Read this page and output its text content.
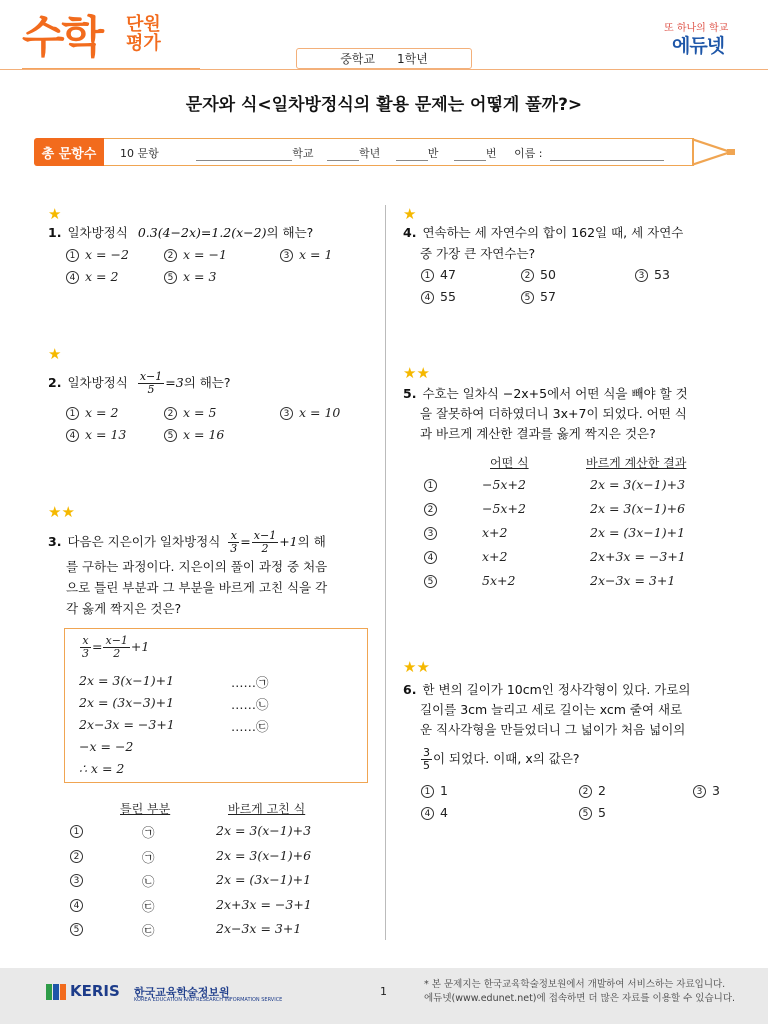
수학 단원
평가
또 하나의 학교
에듀넷
중학교 1학년
문자와 식<일차방정식의 활용 문제는 어떻게 풀까?>
총 문항수	10 문항	학교	학년	반	번 이름 :
★
1. 일차방정식 0.3(4−2x)=1.2(x−2)의 해는?
1 x = −2	2 x = −1	3 x = 1
4 x = 2	5 x = 3
★
2. 일차방정식 $\frac{x-1}{5} =3$의 해는?
1 x = 2	2 x = 5	3 x = 10
4 x = 13	5 x = 16
★★
3. 다음은 지은이가 일차방정식 $\frac{x}{3} = \frac{x-1}{2} +1$의 해
를 구하는 과정이다. 지은이의 풀이 과정 중 처음
으로 틀린 부분과 그 부분을 바르게 고친 식을 각
각 옳게 짝지은 것은?
$\frac{x}{3} = \frac{x-1}{2} +1$
2x = 3(x−1)+1	……㉠
2x = (3x−3)+1	……㉡
2x−3x = −3+1	……㉢
−x = −2
∴ x = 2
틀린 부분	바르게 고친 식
1	㉠	2x = 3(x−1)+3
2	㉠	2x = 3(x−1)+6
3	㉡	2x = (3x−1)+1
4	㉢	2x+3x = −3+1
5	㉢	2x−3x = 3+1
★
4. 연속하는 세 자연수의 합이 162일 때, 세 자연수
중 가장 큰 자연수는?
1 47	2 50	3 53
4 55	5 57
★★
5. 수호는 일차식 −2x+5에서 어떤 식을 빼야 할 것
을 잘못하여 더하였더니 3x+7이 되었다. 어떤 식
과 바르게 계산한 결과를 옳게 짝지은 것은?
어떤 식	바르게 계산한 결과
1	−5x+2	2x = 3(x−1)+3
2	−5x+2	2x = 3(x−1)+6
3	x+2	2x = (3x−1)+1
4	x+2	2x+3x = −3+1
5	5x+2	2x−3x = 3+1
★★
6. 한 변의 길이가 10cm인 정사각형이 있다. 가로의
길이를 3cm 늘리고 세로 길이는 xcm 줄여 새로
운 직사각형을 만들었더니 그 넓이가 처음 넓이의
$\frac{3}{5}$ 이 되었다. 이때, x의 값은?
1 1	2 2	3 3
4 4	5 5
KERIS 한국교육학술정보원
KOREA EDUCATION AND RESEARCH INFORMATION SERVICE
1
* 본 문제지는 한국교육학술정보원에서 개발하여 서비스하는 자료입니다.
에듀넷(www.edunet.net)에 접속하면 더 많은 자료를 이용할 수 있습니다.
